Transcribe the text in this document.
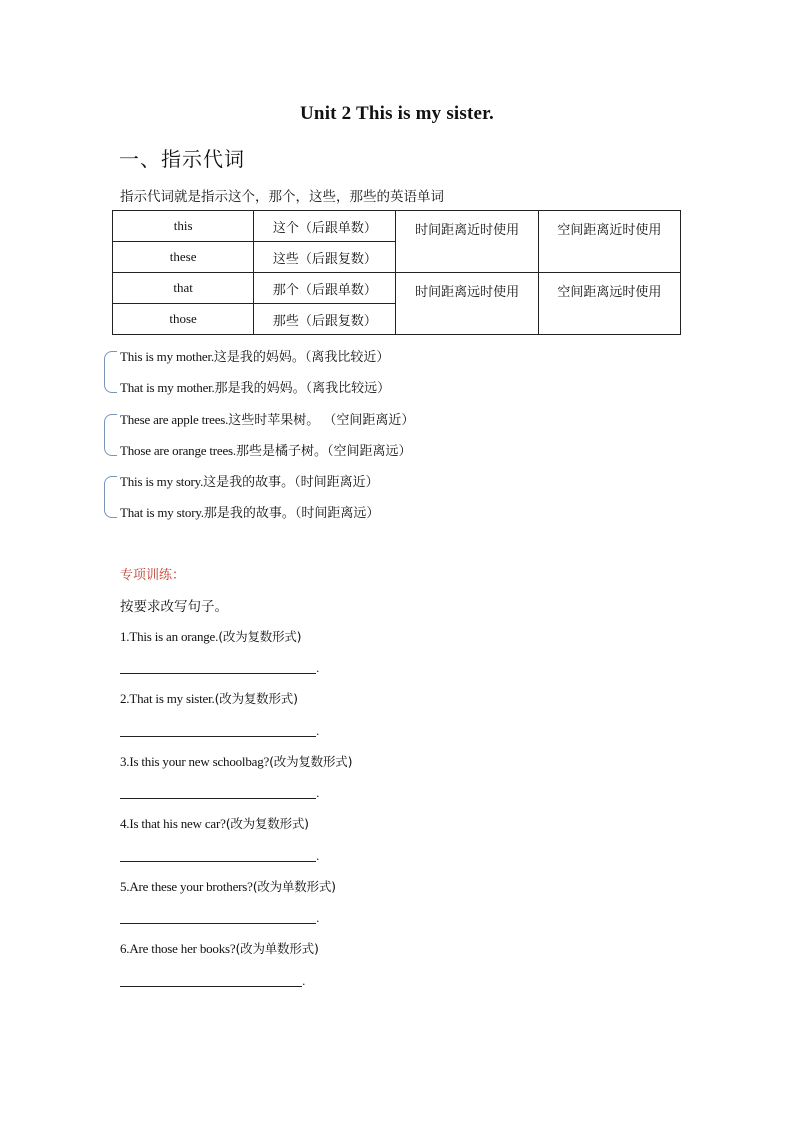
Unit 2 This is my sister.
一、指示代词
指示代词就是指示这个，那个，这些，那些的英语单词
this	这个（后跟单数）	时间距离近时使用	空间距离近时使用
these	这些（后跟复数）		
that	那个（后跟单数）	时间距离远时使用	空间距离远时使用
those	那些（后跟复数）		
This is my mother.这是我的妈妈。（离我比较近）
That is my mother.那是我的妈妈。（离我比较远）
These are apple trees.这些时苹果树。 （空间距离近）
Those are orange trees.那些是橘子树。（空间距离远）
This is my story.这是我的故事。（时间距离近）
That is my story.那是我的故事。（时间距离远）
专项训练：
按要求改写句子。
1.This is an orange.(改为复数形式)
.
2.That is my sister.(改为复数形式)
.
3.Is this your new schoolbag?(改为复数形式)
.
4.Is that his new car?(改为复数形式)
.
5.Are these your brothers?(改为单数形式)
.
6.Are those her books?(改为单数形式)
.
